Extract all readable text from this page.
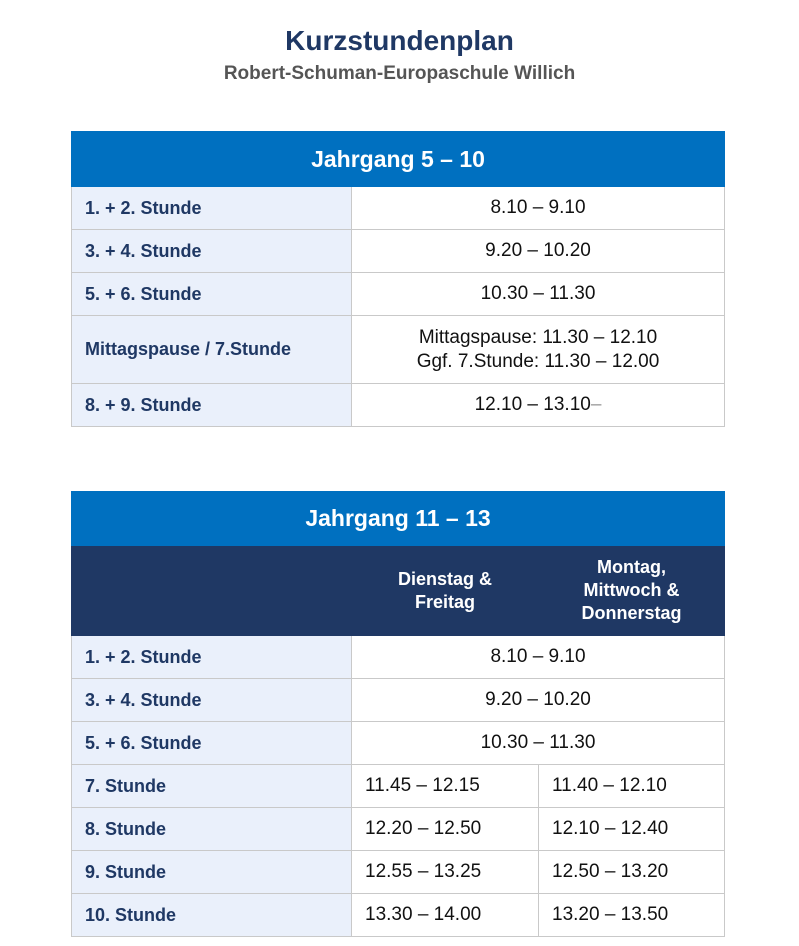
Kurzstundenplan
Robert-Schuman-Europaschule Willich
Jahrgang 5 – 10	
1. + 2. Stunde	8.10 – 9.10
3. + 4. Stunde	9.20 – 10.20
5. + 6. Stunde	10.30 – 11.30
Mittagspause / 7.Stunde	Mittagspause: 11.30 – 12.10
Ggf. 7.Stunde: 11.30 – 12.00

8. + 9. Stunde	12.10 – 13.10–
Jahrgang 11 – 13		

	Dienstag & Freitag	Montag, Mittwoch & Donnerstag

1. + 2. Stunde	8.10 – 9.10	
3. + 4. Stunde	9.20 – 10.20	
5. + 6. Stunde	10.30 – 11.30	
7. Stunde	11.45 – 12.15	11.40 – 12.10
8. Stunde	12.20 – 12.50	12.10 – 12.40
9. Stunde	12.55 – 13.25	12.50 – 13.20
10. Stunde	13.30 – 14.00	13.20 – 13.50
